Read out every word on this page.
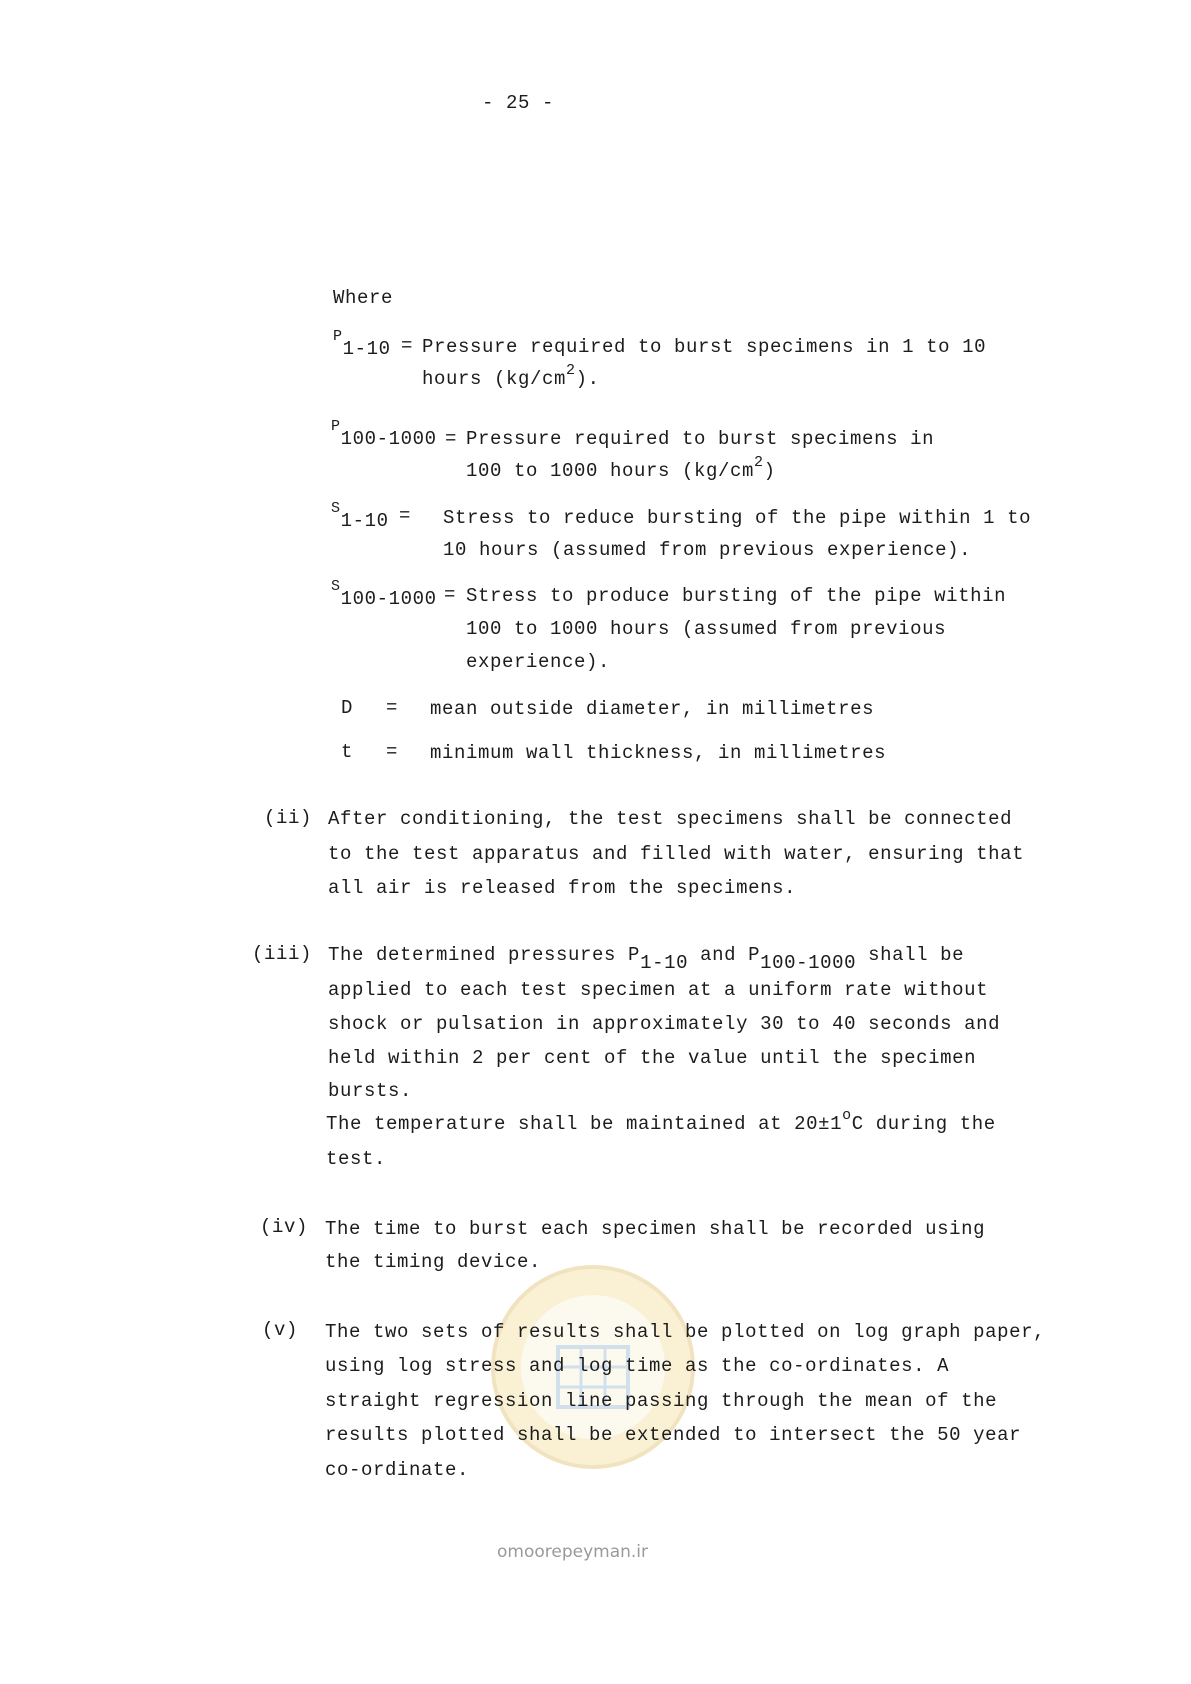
- 25 -
Where
$^P$1-10 = Pressure required to burst specimens in 1 to 10
hours $(kg/cm^2)$.
$^P$100-1000 = Pressure required to burst specimens in
100 to 1000 hours $(kg/cm^2)$
$^S$1-10 = Stress to reduce bursting of the pipe within 1 to
10 hours (assumed from previous experience).
$^S$100-1000 = Stress to produce bursting of the pipe within
100 to 1000 hours (assumed from previous
experience).
D = mean outside diameter, in millimetres
t = minimum wall thickness, in millimetres
(ii) After conditioning, the test specimens shall be connected
to the test apparatus and filled with water, ensuring that
all air is released from the specimens.
(iii) The determined pressures P1-10 and P100-1000 shall be
applied to each test specimen at a uniform rate without
shock or pulsation in approximately 30 to 40 seconds and
held within 2 per cent of the value until the specimen
bursts.
The temperature shall be maintained at $20\pm 1^oC$ during the
test.
(iv) The time to burst each specimen shall be recorded using
the timing device.
(v) The two sets of results shall be plotted on log graph paper,
using log stress and log time as the co-ordinates. A
straight regression line passing through the mean of the
results plotted shall be extended to intersect the 50 year
co-ordinate.
omoorepeyman.ir
